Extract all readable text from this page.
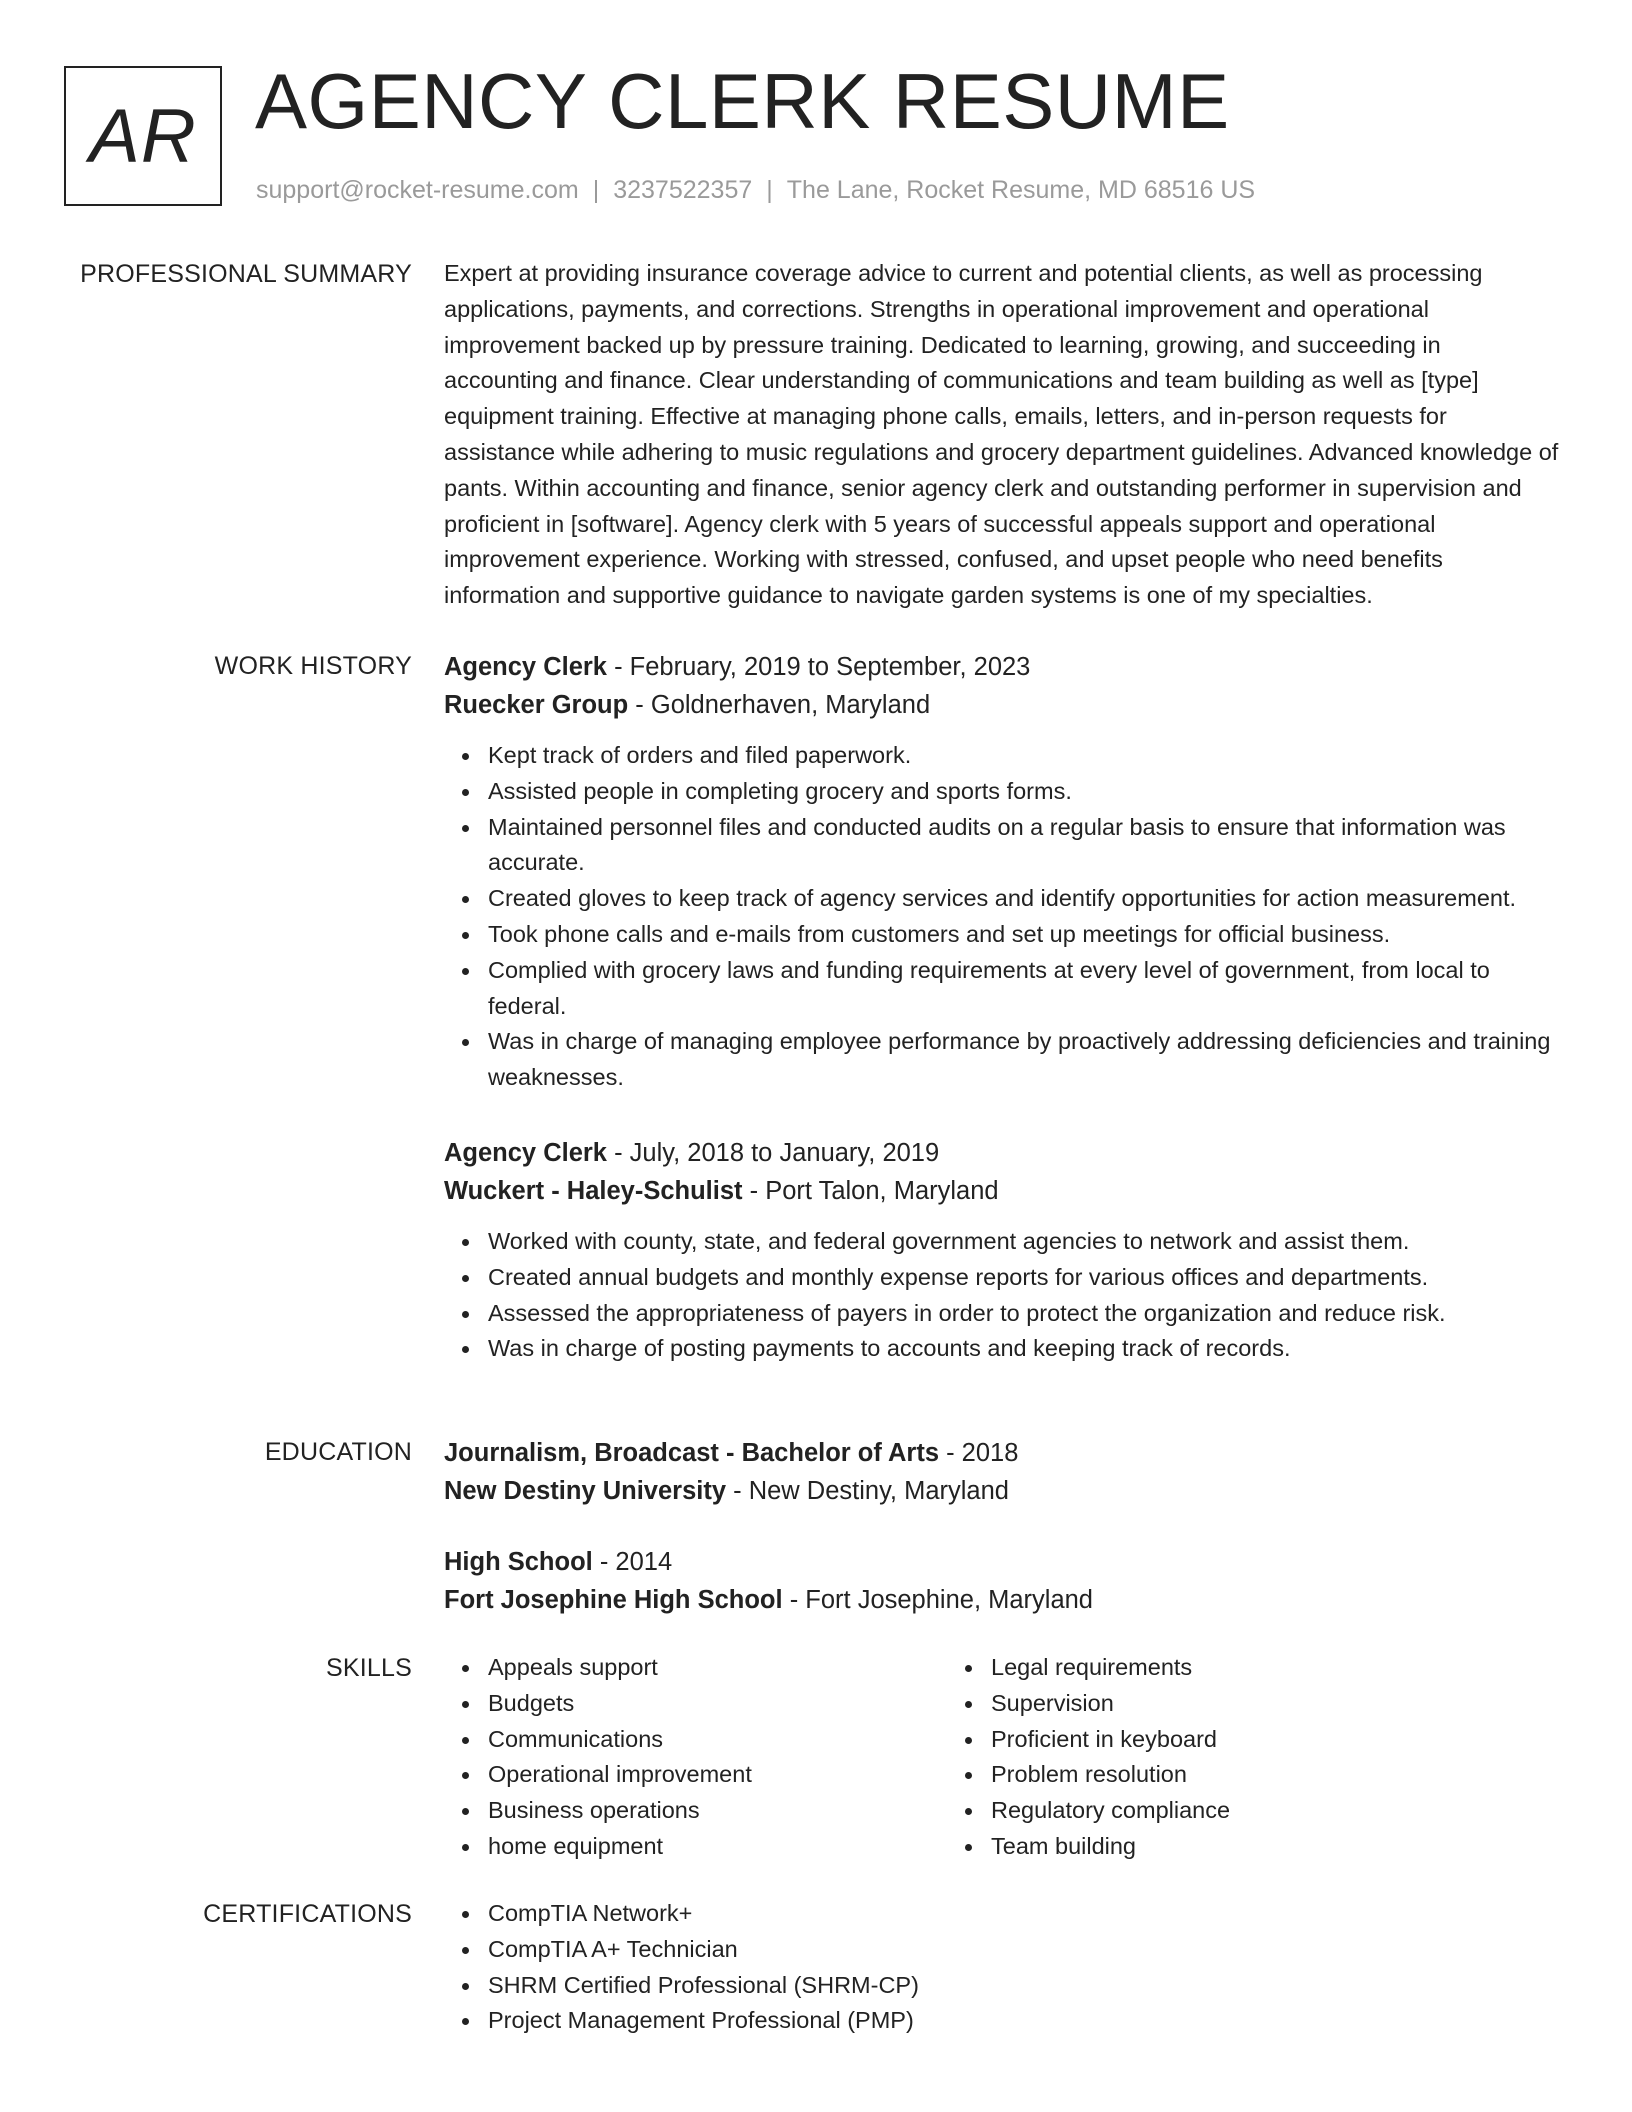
AR AGENCY CLERK RESUME
support@rocket-resume.com | 3237522357 | The Lane, Rocket Resume, MD 68516 US
PROFESSIONAL SUMMARY Expert at providing insurance coverage advice to current and potential clients, as well as processing applications, payments, and corrections. Strengths in operational improvement and operational improvement backed up by pressure training. Dedicated to learning, growing, and succeeding in accounting and finance. Clear understanding of communications and team building as well as [type] equipment training. Effective at managing phone calls, emails, letters, and in-person requests for assistance while adhering to music regulations and grocery department guidelines. Advanced knowledge of pants. Within accounting and finance, senior agency clerk and outstanding performer in supervision and proficient in [software]. Agency clerk with 5 years of successful appeals support and operational improvement experience. Working with stressed, confused, and upset people who need benefits information and supportive guidance to navigate garden systems is one of my specialties.

WORK HISTORY Agency Clerk - February, 2019 to September, 2023
Ruecker Group - Goldnerhaven, Maryland
Kept track of orders and filed paperwork.
Assisted people in completing grocery and sports forms.
Maintained personnel files and conducted audits on a regular basis to ensure that information was accurate.
Created gloves to keep track of agency services and identify opportunities for action measurement.
Took phone calls and e-mails from customers and set up meetings for official business.
Complied with grocery laws and funding requirements at every level of government, from local to federal.
Was in charge of managing employee performance by proactively addressing deficiencies and training weaknesses.
Agency Clerk - July, 2018 to January, 2019
Wuckert - Haley-Schulist - Port Talon, Maryland
Worked with county, state, and federal government agencies to network and assist them.
Created annual budgets and monthly expense reports for various offices and departments.
Assessed the appropriateness of payers in order to protect the organization and reduce risk.
Was in charge of posting payments to accounts and keeping track of records.
EDUCATION Journalism, Broadcast - Bachelor of Arts - 2018
New Destiny University - New Destiny, Maryland
High School - 2014
Fort Josephine High School - Fort Josephine, Maryland
SKILLS	Appeals support
Budgets
Communications
Operational improvement
Business operations
home equipment
Legal requirements
Supervision
Proficient in keyboard
Problem resolution
Regulatory compliance
Team building
CERTIFICATIONS	CompTIA Network+
CompTIA A+ Technician
SHRM Certified Professional (SHRM-CP)
Project Management Professional (PMP)
